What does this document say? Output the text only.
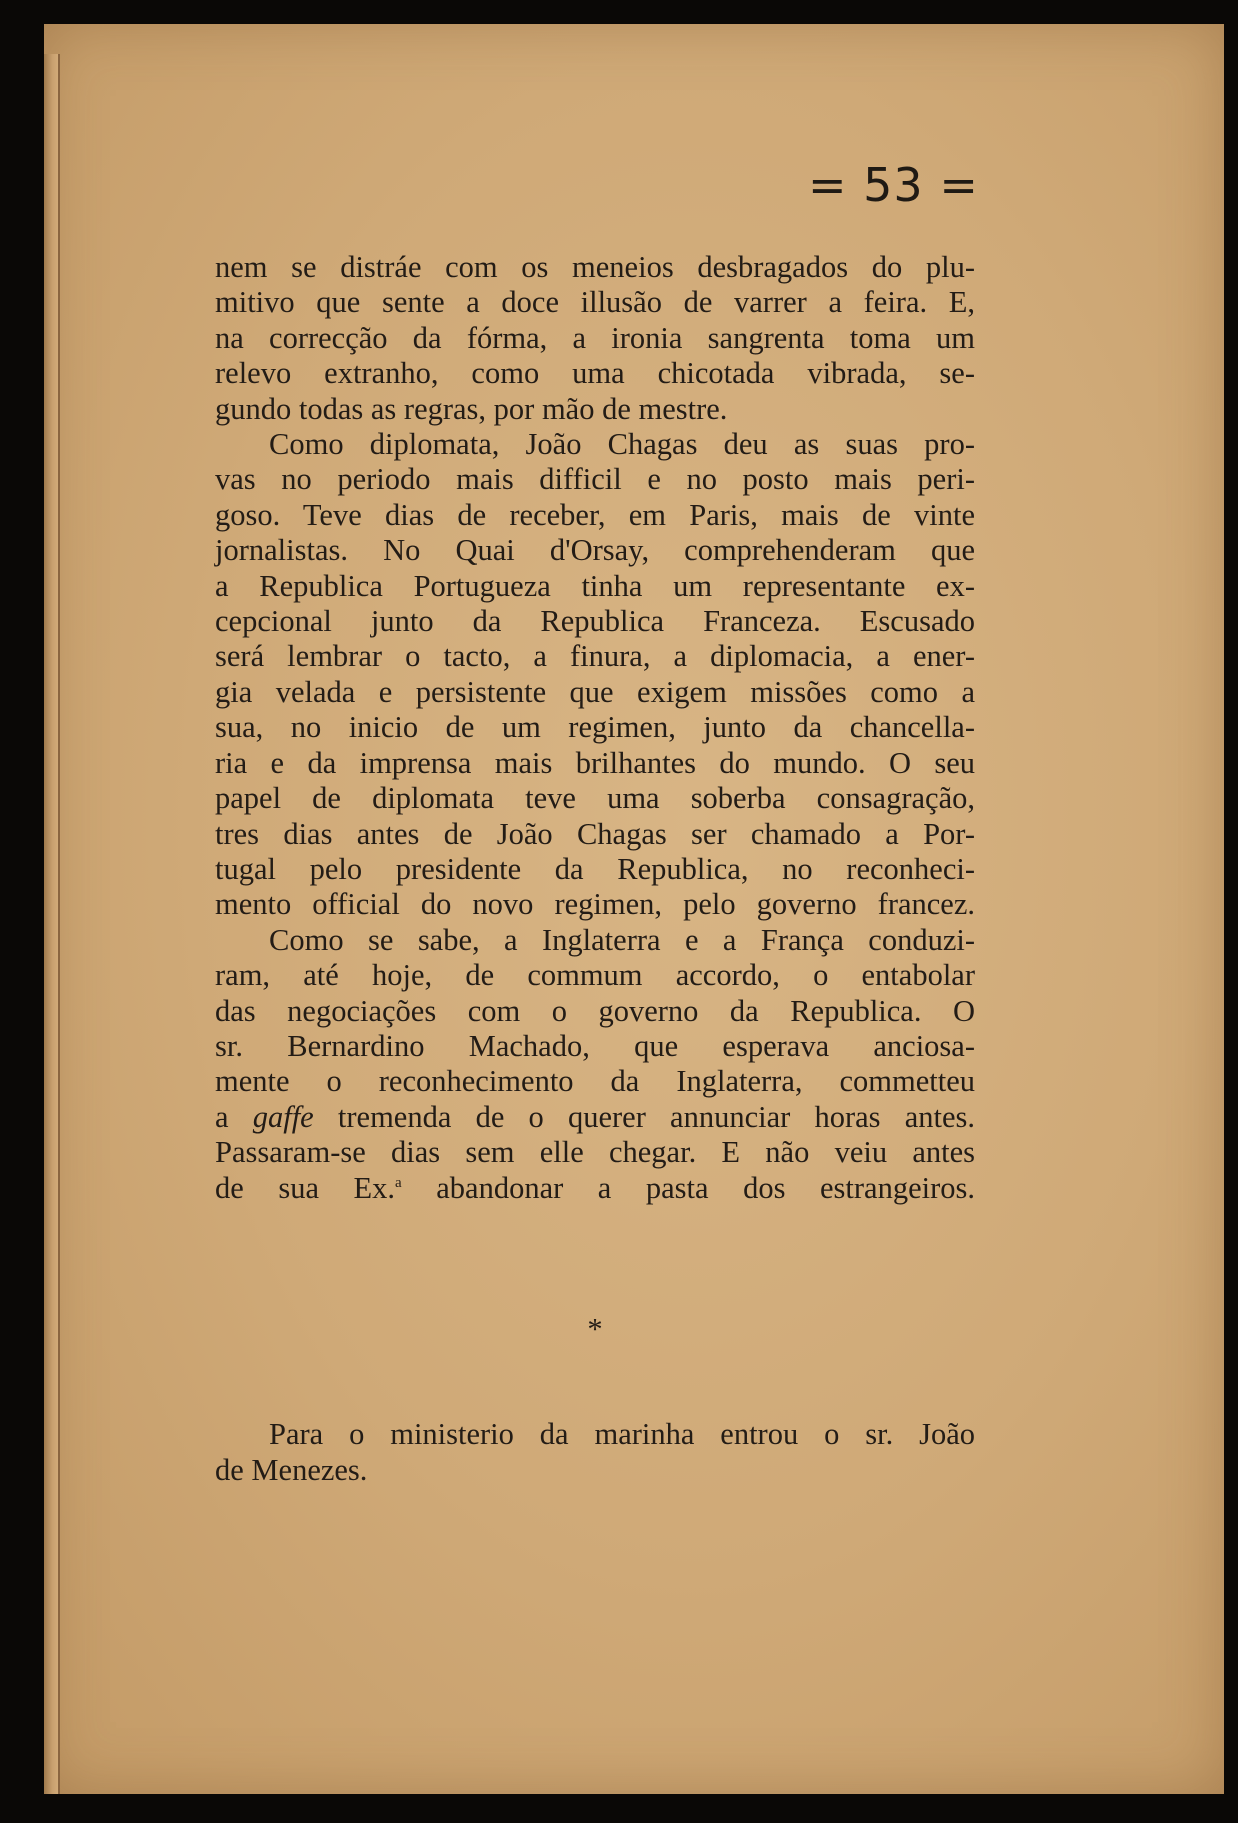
= 53 =
nem se distráe com os meneios desbragados do plu-
mitivo que sente a doce illusão de varrer a feira. E,
na correcção da fórma, a ironia sangrenta toma um
relevo extranho, como uma chicotada vibrada, se-
gundo todas as regras, por mão de mestre.
Como diplomata, João Chagas deu as suas pro-
vas no periodo mais difficil e no posto mais peri-
goso. Teve dias de receber, em Paris, mais de vinte
jornalistas. No Quai d'Orsay, comprehenderam que
a Republica Portugueza tinha um representante ex-
cepcional junto da Republica Franceza. Escusado
será lembrar o tacto, a finura, a diplomacia, a ener-
gia velada e persistente que exigem missões como a
sua, no inicio de um regimen, junto da chancella-
ria e da imprensa mais brilhantes do mundo. O seu
papel de diplomata teve uma soberba consagração,
tres dias antes de João Chagas ser chamado a Por-
tugal pelo presidente da Republica, no reconheci-
mento official do novo regimen, pelo governo francez.
Como se sabe, a Inglaterra e a França conduzi-
ram, até hoje, de commum accordo, o entabolar
das negociações com o governo da Republica. O
sr. Bernardino Machado, que esperava anciosa-
mente o reconhecimento da Inglaterra, commetteu
a gaffe tremenda de o querer annunciar horas antes.
Passaram-se dias sem elle chegar. E não veiu antes
de sua Ex.$^a$ abandonar a pasta dos estrangeiros.
*
Para o ministerio da marinha entrou o sr. João
de Menezes.
